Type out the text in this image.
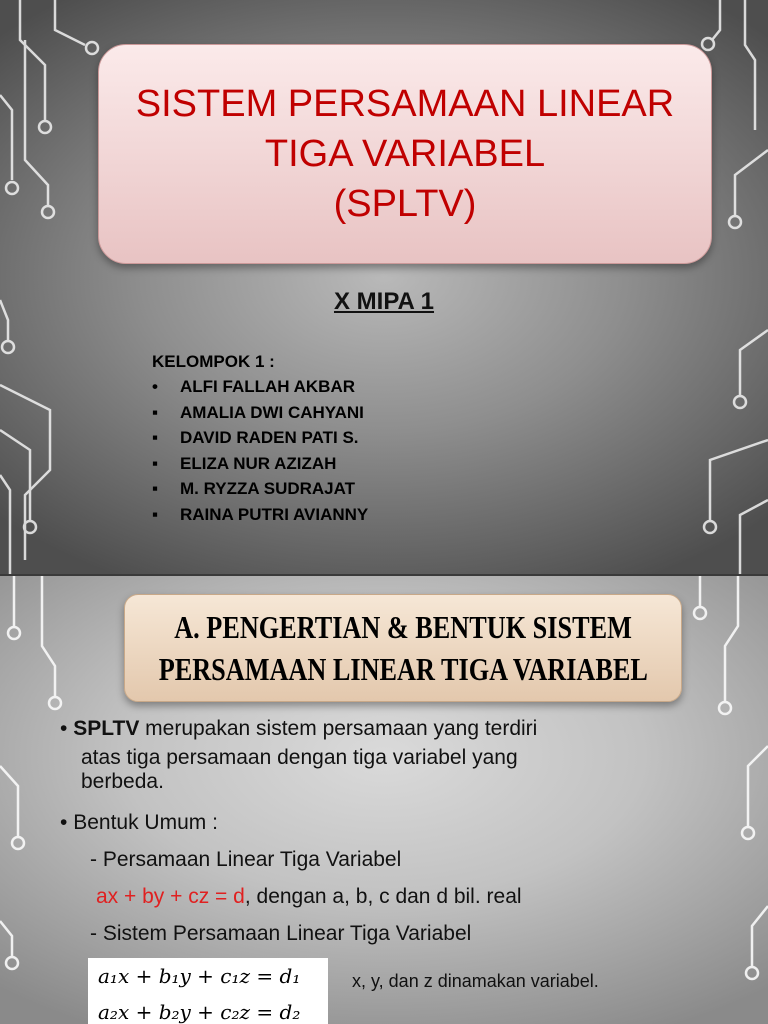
SISTEM PERSAMAAN LINEAR
TIGA VARIABEL
(SPLTV)
X MIPA 1
KELOMPOK 1 :
•	ALFI FALLAH AKBAR
▪	AMALIA DWI CAHYANI
▪	DAVID RADEN PATI S.
▪	ELIZA NUR AZIZAH
▪	M. RYZZA SUDRAJAT
▪	RAINA PUTRI AVIANNY
A. PENGERTIAN & BENTUK SISTEM
PERSAMAAN LINEAR TIGA VARIABEL
• SPLTV merupakan sistem persamaan yang terdiri
atas tiga persamaan dengan tiga variabel yang
berbeda.
• Bentuk Umum :
- Persamaan Linear Tiga Variabel
ax + by + cz = d, dengan a, b, c dan d bil. real
- Sistem Persamaan Linear Tiga Variabel
a₁x + b₁y + c₁z = d₁
a₂x + b₂y + c₂z = d₂
x, y, dan z dinamakan variabel.
